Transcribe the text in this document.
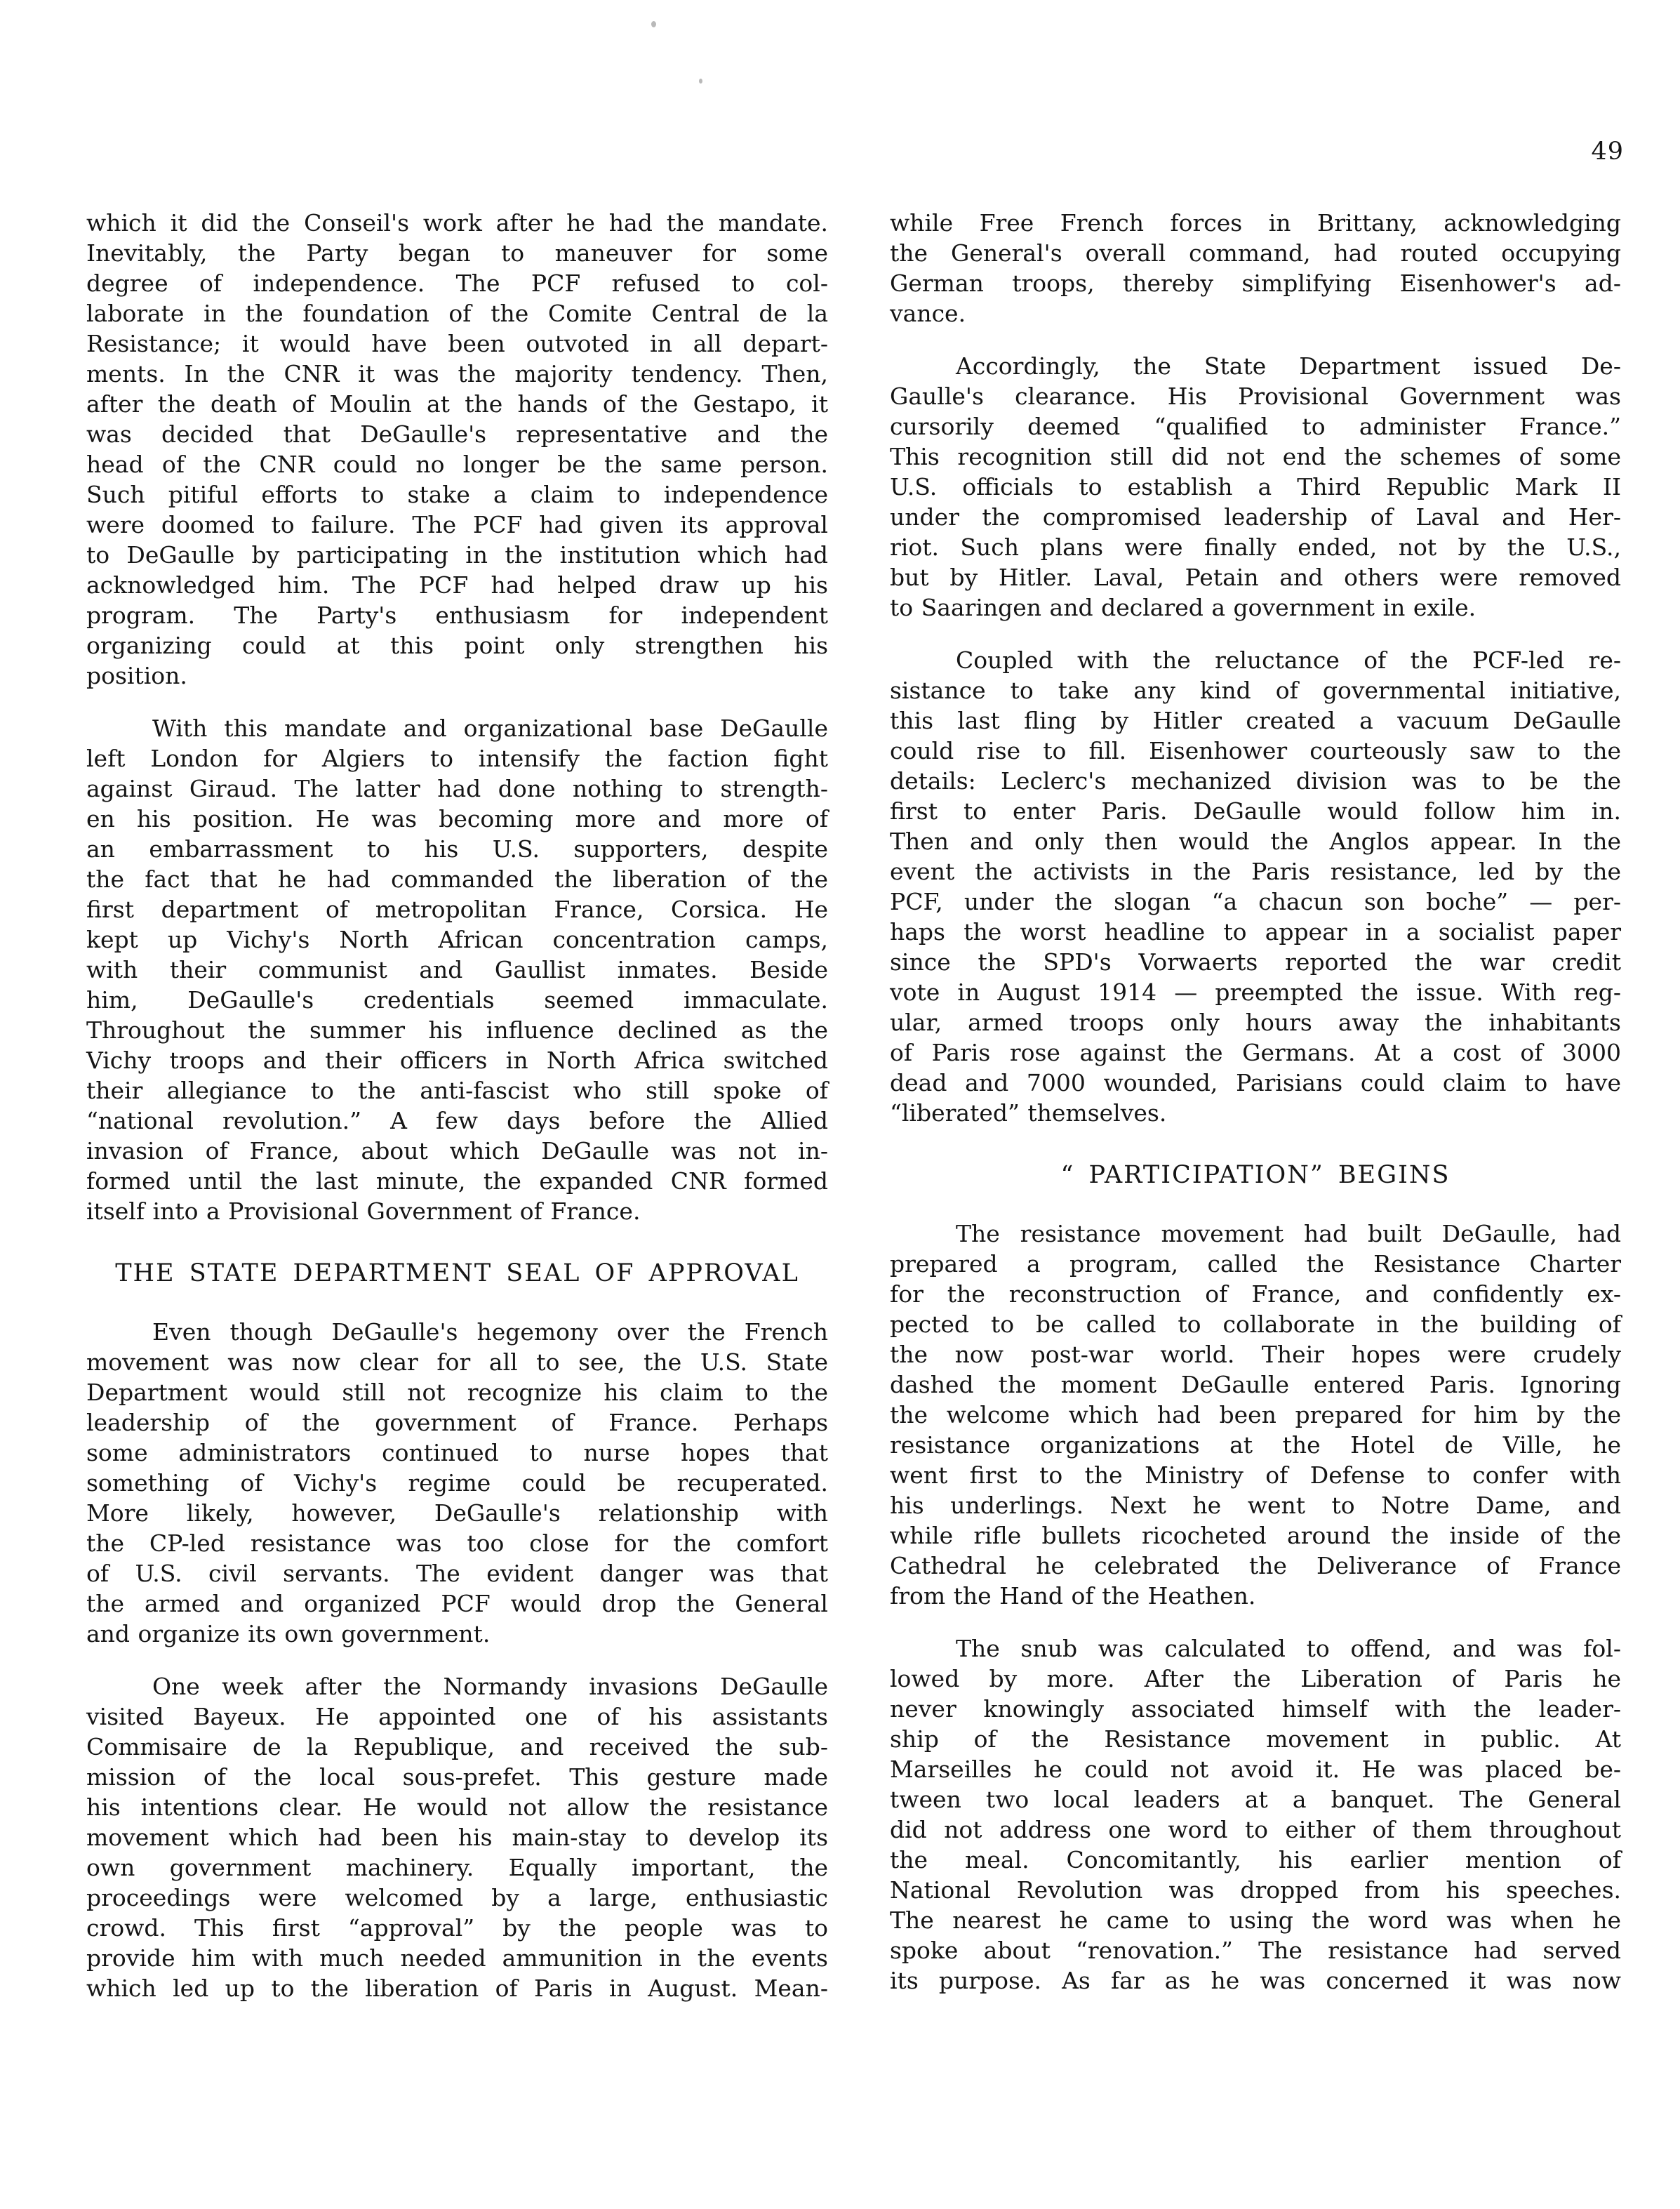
49
which it did the Conseil's work after he had the mandate.
Inevitably, the Party began to maneuver for some
degree of independence. The PCF refused to col-
laborate in the foundation of the Comite Central de la
Resistance; it would have been outvoted in all depart-
ments. In the CNR it was the majority tendency. Then,
after the death of Moulin at the hands of the Gestapo, it
was decided that DeGaulle's representative and the
head of the CNR could no longer be the same person.
Such pitiful efforts to stake a claim to independence
were doomed to failure. The PCF had given its approval
to DeGaulle by participating in the institution which had
acknowledged him. The PCF had helped draw up his
program. The Party's enthusiasm for independent
organizing could at this point only strengthen his
position.
With this mandate and organizational base DeGaulle
left London for Algiers to intensify the faction fight
against Giraud. The latter had done nothing to strength-
en his position. He was becoming more and more of
an embarrassment to his U.S. supporters, despite
the fact that he had commanded the liberation of the
first department of metropolitan France, Corsica. He
kept up Vichy's North African concentration camps,
with their communist and Gaullist inmates. Beside
him, DeGaulle's credentials seemed immaculate.
Throughout the summer his influence declined as the
Vichy troops and their officers in North Africa switched
their allegiance to the anti-fascist who still spoke of
“national revolution.” A few days before the Allied
invasion of France, about which DeGaulle was not in-
formed until the last minute, the expanded CNR formed
itself into a Provisional Government of France.
THE STATE DEPARTMENT SEAL OF APPROVAL
Even though DeGaulle's hegemony over the French
movement was now clear for all to see, the U.S. State
Department would still not recognize his claim to the
leadership of the government of France. Perhaps
some administrators continued to nurse hopes that
something of Vichy's regime could be recuperated.
More likely, however, DeGaulle's relationship with
the CP-led resistance was too close for the comfort
of U.S. civil servants. The evident danger was that
the armed and organized PCF would drop the General
and organize its own government.
One week after the Normandy invasions DeGaulle
visited Bayeux. He appointed one of his assistants
Commisaire de la Republique, and received the sub-
mission of the local sous-prefet. This gesture made
his intentions clear. He would not allow the resistance
movement which had been his main-stay to develop its
own government machinery. Equally important, the
proceedings were welcomed by a large, enthusiastic
crowd. This first “approval” by the people was to
provide him with much needed ammunition in the events
which led up to the liberation of Paris in August. Mean-
while Free French forces in Brittany, acknowledging
the General's overall command, had routed occupying
German troops, thereby simplifying Eisenhower's ad-
vance.
Accordingly, the State Department issued De-
Gaulle's clearance. His Provisional Government was
cursorily deemed “qualified to administer France.”
This recognition still did not end the schemes of some
U.S. officials to establish a Third Republic Mark II
under the compromised leadership of Laval and Her-
riot. Such plans were finally ended, not by the U.S.,
but by Hitler. Laval, Petain and others were removed
to Saaringen and declared a government in exile.
Coupled with the reluctance of the PCF-led re-
sistance to take any kind of governmental initiative,
this last fling by Hitler created a vacuum DeGaulle
could rise to fill. Eisenhower courteously saw to the
details: Leclerc's mechanized division was to be the
first to enter Paris. DeGaulle would follow him in.
Then and only then would the Anglos appear. In the
event the activists in the Paris resistance, led by the
PCF, under the slogan “a chacun son boche” — per-
haps the worst headline to appear in a socialist paper
since the SPD's Vorwaerts reported the war credit
vote in August 1914 — preempted the issue. With reg-
ular, armed troops only hours away the inhabitants
of Paris rose against the Germans. At a cost of 3000
dead and 7000 wounded, Parisians could claim to have
“liberated” themselves.
“ PARTICIPATION” BEGINS
The resistance movement had built DeGaulle, had
prepared a program, called the Resistance Charter
for the reconstruction of France, and confidently ex-
pected to be called to collaborate in the building of
the now post-war world. Their hopes were crudely
dashed the moment DeGaulle entered Paris. Ignoring
the welcome which had been prepared for him by the
resistance organizations at the Hotel de Ville, he
went first to the Ministry of Defense to confer with
his underlings. Next he went to Notre Dame, and
while rifle bullets ricocheted around the inside of the
Cathedral he celebrated the Deliverance of France
from the Hand of the Heathen.
The snub was calculated to offend, and was fol-
lowed by more. After the Liberation of Paris he
never knowingly associated himself with the leader-
ship of the Resistance movement in public. At
Marseilles he could not avoid it. He was placed be-
tween two local leaders at a banquet. The General
did not address one word to either of them throughout
the meal. Concomitantly, his earlier mention of
National Revolution was dropped from his speeches.
The nearest he came to using the word was when he
spoke about “renovation.” The resistance had served
its purpose. As far as he was concerned it was now
